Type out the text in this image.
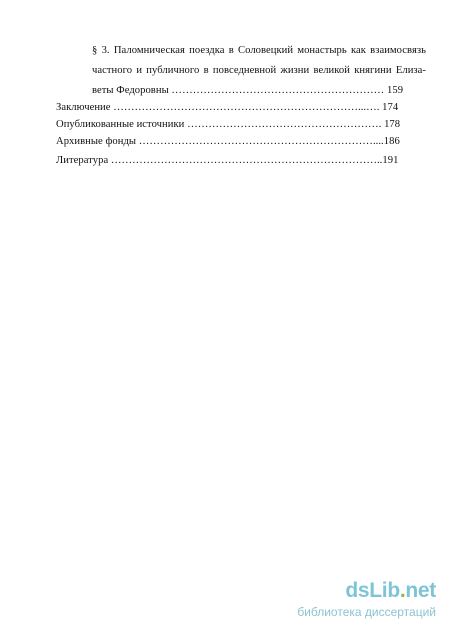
§ 3. Паломническая поездка в Соловецкий монастырь как взаимосвязь
частного и публичного в повседневной жизни великой княгини Елиза-
веты Федоровны …………………………………………………… 159
Заключение ……………………………………………………………...…. 174
Опубликованные источники ………………………………………………. 178
Архивные фонды …………………………………………………………....186
Литература …………………………………………………………………..191
dsLib.net
библиотека диссертаций
